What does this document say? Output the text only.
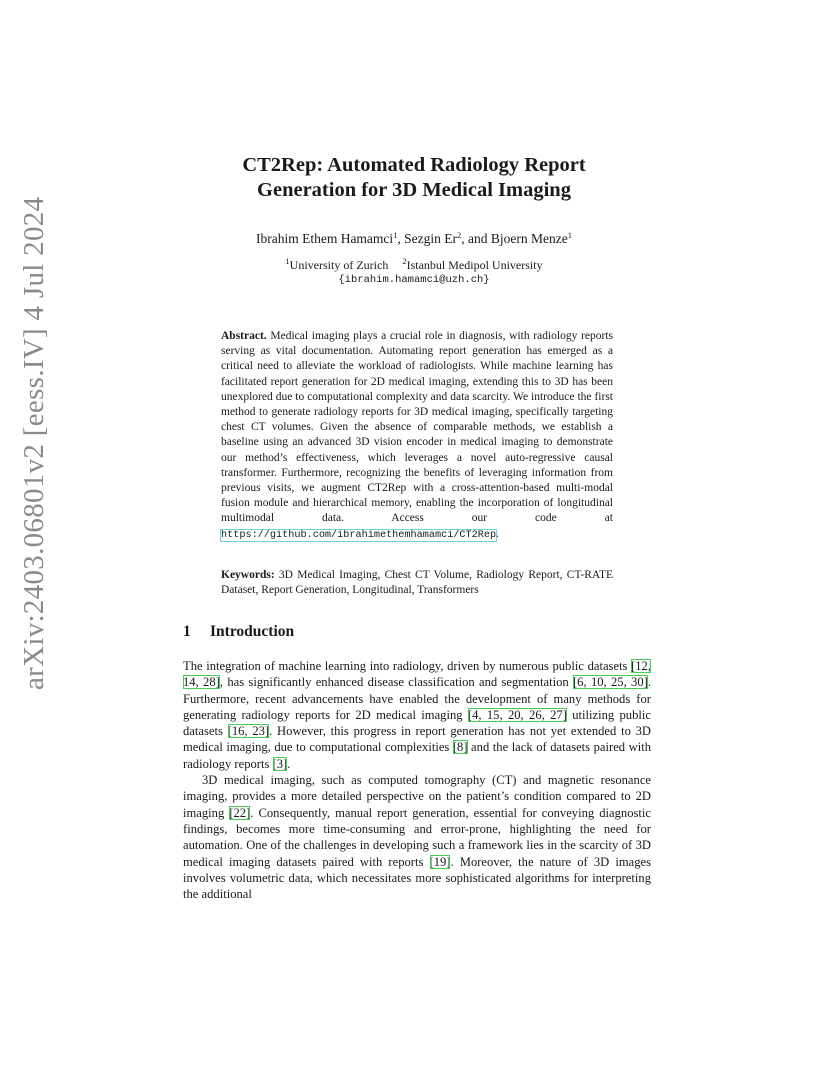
arXiv:2403.06801v2 [eess.IV] 4 Jul 2024
CT2Rep: Automated Radiology Report
Generation for 3D Medical Imaging
Ibrahim Ethem Hamamci$^1$, Sezgin Er$^2$, and Bjoern Menze$^1$
$^1$University of Zurich $^2$Istanbul Medipol University
{ibrahim.hamamci@uzh.ch}
Abstract. Medical imaging plays a crucial role in diagnosis, with radiology reports serving as vital documentation. Automating report generation has emerged as a critical need to alleviate the workload of radiologists. While machine learning has facilitated report generation for 2D medical imaging, extending this to 3D has been unexplored due to computational complexity and data scarcity. We introduce the first method to generate radiology reports for 3D medical imaging, specifically targeting chest CT volumes. Given the absence of comparable methods, we establish a baseline using an advanced 3D vision encoder in medical imaging to demonstrate our method’s effectiveness, which leverages a novel auto-regressive causal transformer. Furthermore, recognizing the benefits of leveraging information from previous visits, we augment CT2Rep with a cross-attention-based multi-modal fusion module and hierarchical memory, enabling the incorporation of longitudinal multimodal data. Access our code at https://github.com/ibrahimethemhamamci/CT2Rep.
Keywords: 3D Medical Imaging, Chest CT Volume, Radiology Report, CT-RATE Dataset, Report Generation, Longitudinal, Transformers
1 Introduction

The integration of machine learning into radiology, driven by numerous public datasets [12, 14, 28], has significantly enhanced disease classification and segmentation [6, 10, 25, 30]. Furthermore, recent advancements have enabled the development of many methods for generating radiology reports for 2D medical imaging [4, 15, 20, 26, 27] utilizing public datasets [16, 23]. However, this progress in report generation has not yet extended to 3D medical imaging, due to computational complexities [8] and the lack of datasets paired with radiology reports [3].

3D medical imaging, such as computed tomography (CT) and magnetic resonance imaging, provides a more detailed perspective on the patient’s condition compared to 2D imaging [22]. Consequently, manual report generation, essential for conveying diagnostic findings, becomes more time-consuming and error-prone, highlighting the need for automation. One of the challenges in developing such a framework lies in the scarcity of 3D medical imaging datasets paired with reports [19]. Moreover, the nature of 3D images involves volumetric data, which necessitates more sophisticated algorithms for interpreting the additional
